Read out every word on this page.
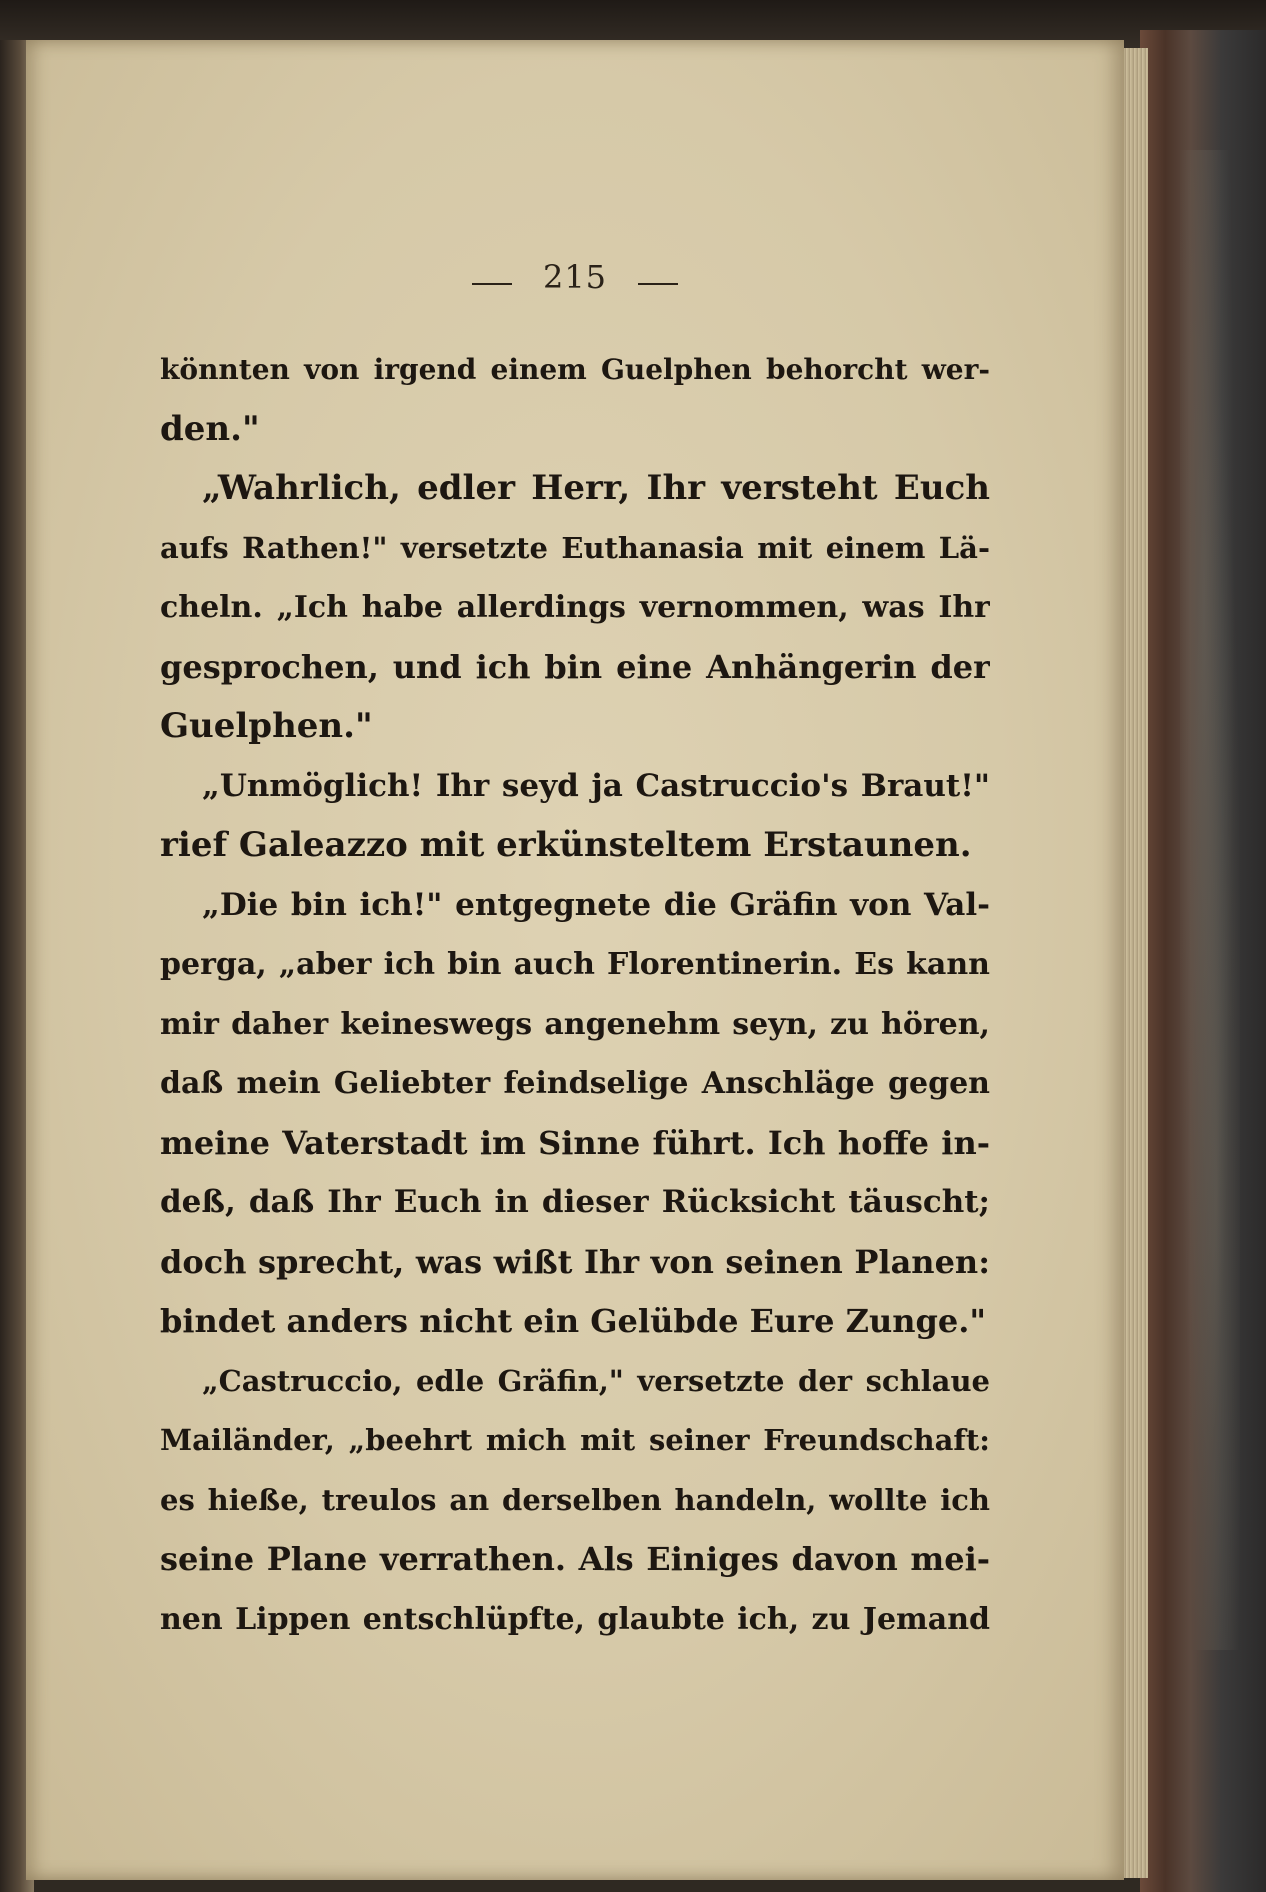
215
könnten von irgend einem Guelphen behorcht wer-
den."
„Wahrlich, edler Herr, Ihr versteht Euch
aufs Rathen!" versetzte Euthanasia mit einem Lä-
cheln. „Ich habe allerdings vernommen, was Ihr
gesprochen, und ich bin eine Anhängerin der
Guelphen."
„Unmöglich! Ihr seyd ja Castruccio's Braut!"
rief Galeazzo mit erkünsteltem Erstaunen.
„Die bin ich!" entgegnete die Gräfin von Val-
perga, „aber ich bin auch Florentinerin. Es kann
mir daher keineswegs angenehm seyn, zu hören,
daß mein Geliebter feindselige Anschläge gegen
meine Vaterstadt im Sinne führt. Ich hoffe in-
deß, daß Ihr Euch in dieser Rücksicht täuscht;
doch sprecht, was wißt Ihr von seinen Planen:
bindet anders nicht ein Gelübde Eure Zunge."
„Castruccio, edle Gräfin," versetzte der schlaue
Mailänder, „beehrt mich mit seiner Freundschaft:
es hieße, treulos an derselben handeln, wollte ich
seine Plane verrathen. Als Einiges davon mei-
nen Lippen entschlüpfte, glaubte ich, zu Jemand
